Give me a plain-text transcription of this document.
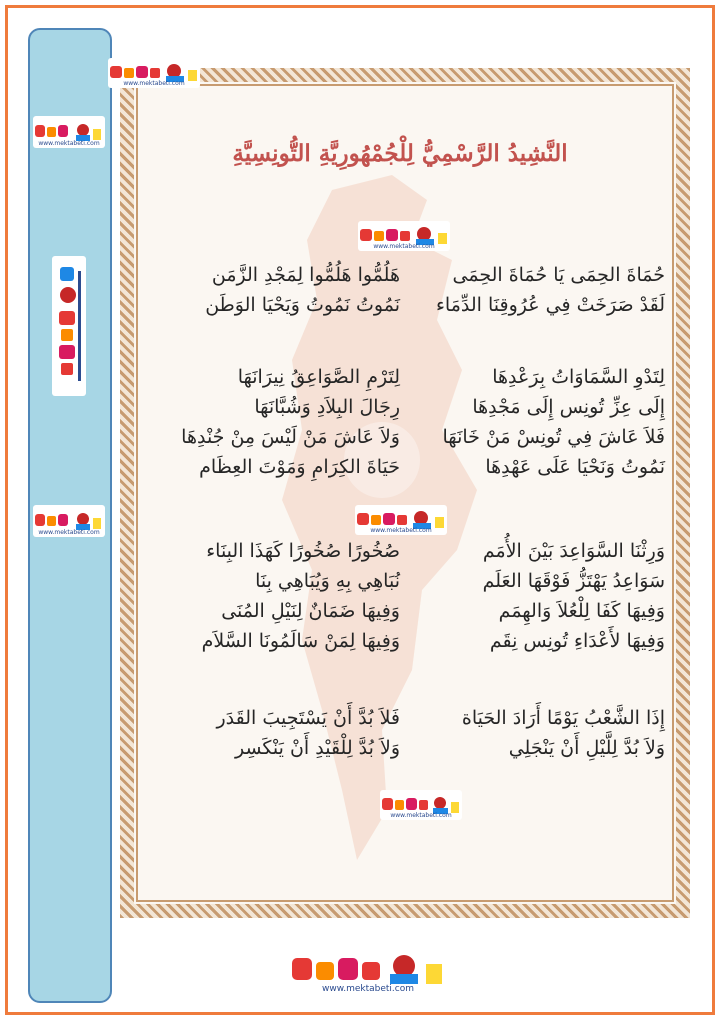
النَّشِيدُ الرَّسْمِيُّ لِلْجُمْهُورِيَّةِ التُّونِسِيَّةِ
حُمَاةَ الحِمَى يَا حُمَاةَ الحِمَى
لَقَدْ صَرَخَتْ فِي عُرُوقِنَا الدِّمَاء
هَلُمُّوا هَلُمُّوا لِمَجْدِ الزَّمَن
نَمُوتُ نَمُوتُ وَيَحْيَا الوَطَن
لِتَدْوِ السَّمَاوَاتُ بِرَعْدِهَا
إِلَى عِزِّ تُونِس إِلَى مَجْدِهَا
فَلاَ عَاشَ فِي تُونِسْ مَنْ خَانَهَا
نَمُوتُ وَنَحْيَا عَلَى عَهْدِهَا
لِتَرْمِ الصَّوَاعِقُ نِيرَانَهَا
رِجَالَ البِلاَدِ وَشُبَّانَهَا
وَلاَ عَاشَ مَنْ لَيْسَ مِنْ جُنْدِهَا
حَيَاةَ الكِرَامِ وَمَوْتَ العِظَام
وَرِثْنَا السَّوَاعِدَ بَيْنَ الأُمَم
سَوَاعِدُ يَهْتَزُّ فَوْقَهَا العَلَم
وَفِيهَا كَفَا لِلْعُلاَ وَالهِمَم
وَفِيهَا لأَعْدَاءِ تُونِس نِقَم
صُخُورًا صُخُورًا كَهَذَا البِنَاء
نُبَاهِي بِهِ وَيُبَاهِي بِنَا
وَفِيهَا ضَمَانٌ لِنَيْلِ المُنَى
وَفِيهَا لِمَنْ سَالَمُونَا السَّلاَم
إِذَا الشَّعْبُ يَوْمًا أَرَادَ الحَيَاة
وَلاَ بُدَّ لِلَّيْلِ أَنْ يَنْجَلِي
فَلاَ بُدَّ أَنْ يَسْتَجِيبَ القَدَر
وَلاَ بُدَّ لِلْقَيْدِ أَنْ يَنْكَسِر
www.mektabeti.com
www.mektabeti.com
www.mektabeti.com
www.mektabeti.com
www.mektabeti.com
www.mektabeti.com
www.mektabeti.com
